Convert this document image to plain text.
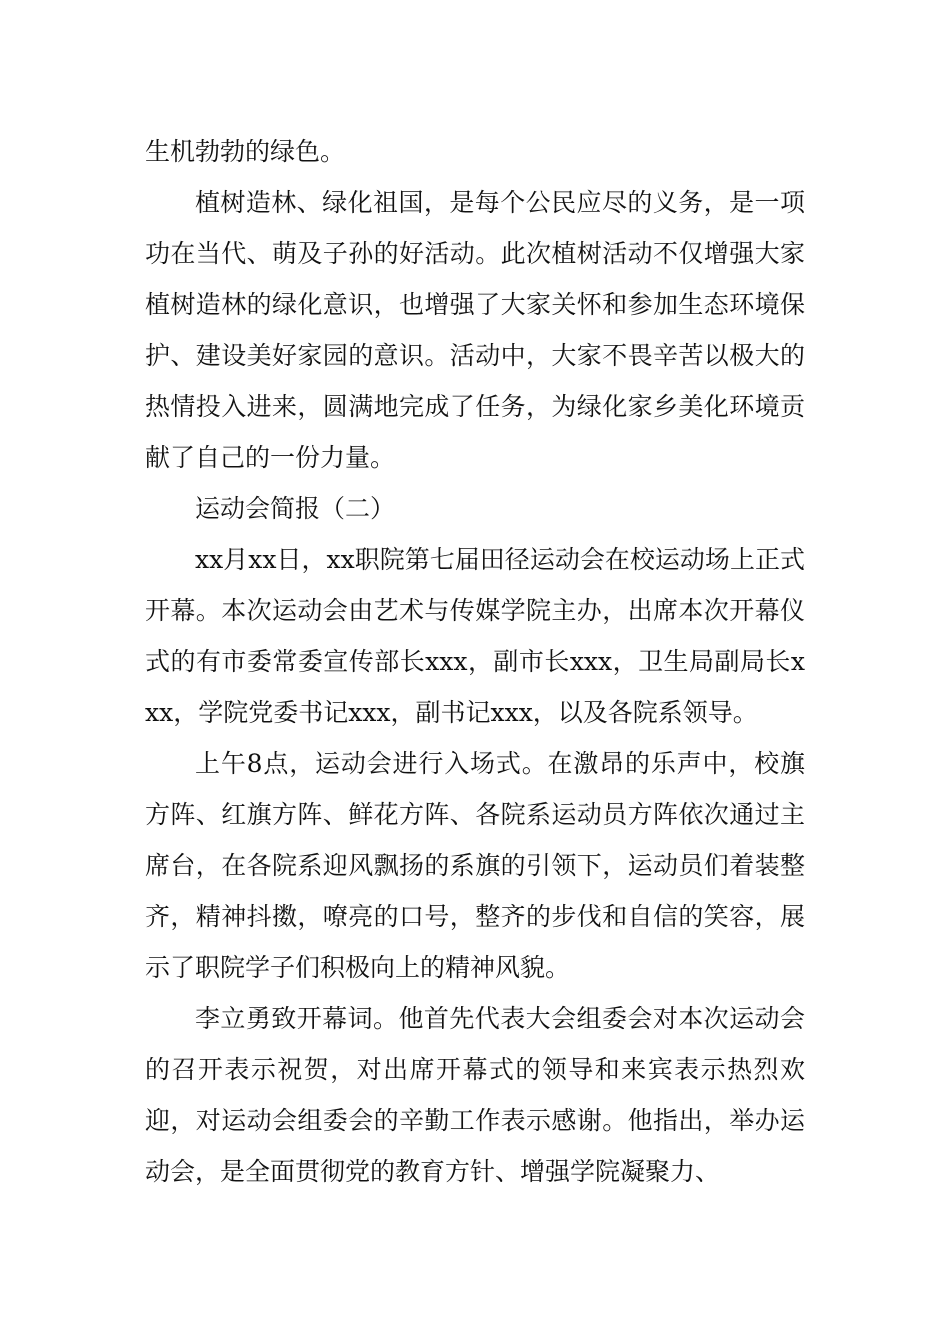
生机勃勃的绿色。

植树造林、绿化祖国，是每个公民应尽的义务，是一项功在当代、萌及子孙的好活动。此次植树活动不仅增强大家植树造林的绿化意识，也增强了大家关怀和参加生态环境保护、建设美好家园的意识。活动中，大家不畏辛苦以极大的热情投入进来，圆满地完成了任务，为绿化家乡美化环境贡献了自己的一份力量。

运动会简报（二）

xx月xx日，xx职院第七届田径运动会在校运动场上正式开幕。本次运动会由艺术与传媒学院主办，出席本次开幕仪式的有市委常委宣传部长xxx，副市长xxx，卫生局副局长xxx，学院党委书记xxx，副书记xxx，以及各院系领导。

上午8点，运动会进行入场式。在激昂的乐声中，校旗方阵、红旗方阵、鲜花方阵、各院系运动员方阵依次通过主席台，在各院系迎风飘扬的系旗的引领下，运动员们着装整齐，精神抖擞，嘹亮的口号，整齐的步伐和自信的笑容，展示了职院学子们积极向上的精神风貌。

李立勇致开幕词。他首先代表大会组委会对本次运动会的召开表示祝贺，对出席开幕式的领导和来宾表示热烈欢迎，对运动会组委会的辛勤工作表示感谢。他指出，举办运动会，是全面贯彻党的教育方针、增强学院凝聚力、
